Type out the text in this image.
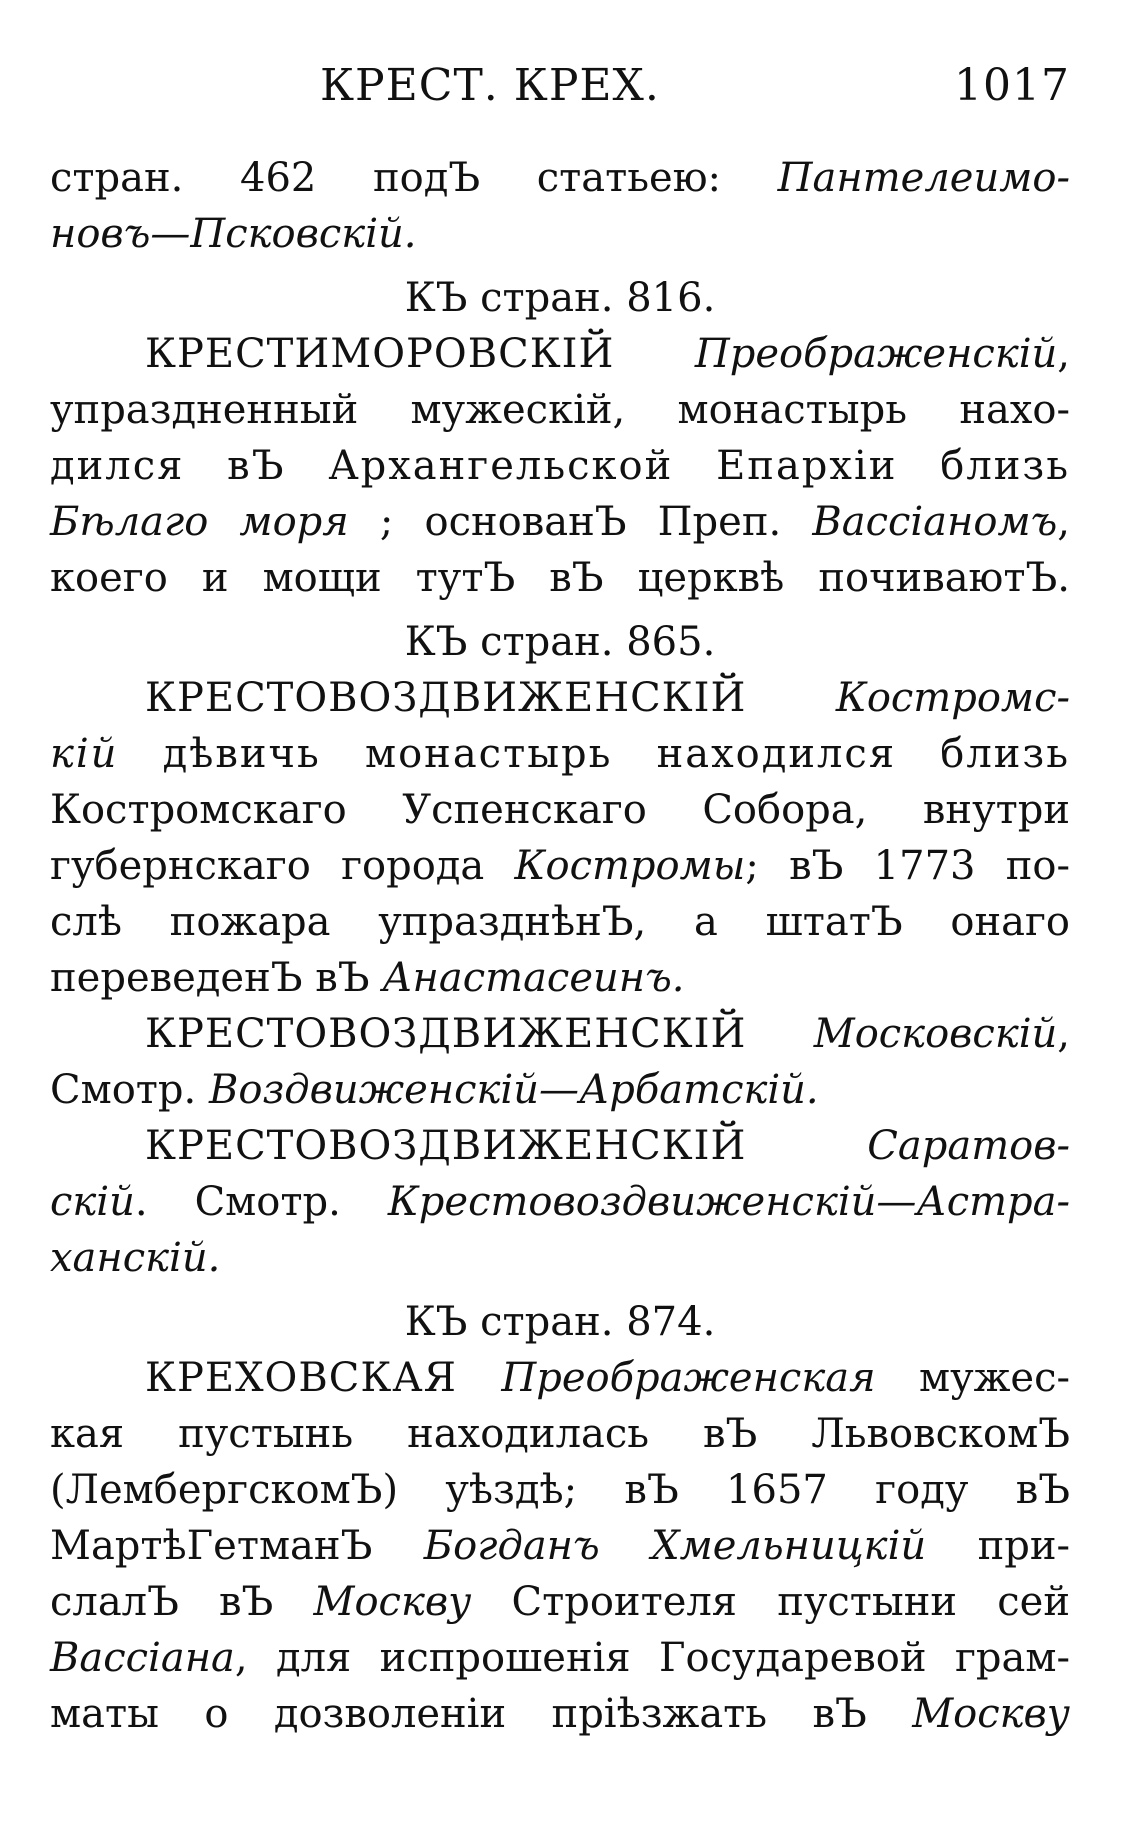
КРЕСТ. КРЕХ.	1017

стран. 462 подЪ статьею: Пантелеимо-

новъ—Псковскій.

КЪ стран. 816.

КРЕСТИМОРОВСКІЙ Преображенскій,

упраздненный мужескій, монастырь нахо-

дился вЪ Архангельской Епархіи близь

Бѣлаго моря ; основанЪ Преп. Вассіаномъ,

коего и мощи тутЪ вЪ церквѣ почиваютЪ.

КЪ стран. 865.

КРЕСТОВОЗДВИЖЕНСКІЙ Костромс-

кій дѣвичь монастырь находился близь

Костромскаго Успенскаго Собора, внутри

губернскаго города Костромы; вЪ 1773 по-

слѣ пожара упразднѣнЪ, а штатЪ онаго

переведенЪ вЪ Анастасеинъ.

КРЕСТОВОЗДВИЖЕНСКІЙ Московскій,

Смотр. Воздвиженскій—Арбатскій.

КРЕСТОВОЗДВИЖЕНСКІЙ Саратов-

скій. Смотр. Крестовоздвиженскій—Астра-

ханскій.

КЪ стран. 874.

КРЕХОВСКАЯ Преображенская мужес-

кая пустынь находилась вЪ ЛьвовскомЪ

(ЛембергскомЪ) уѣздѣ; вЪ 1657 году вЪ

МартѣГетманЪ Богданъ Хмельницкій при-

слалЪ вЪ Москву Строителя пустыни сей

Вассіана, для испрошенія Государевой грам-

маты о дозволеніи пріѣзжать вЪ Москву
